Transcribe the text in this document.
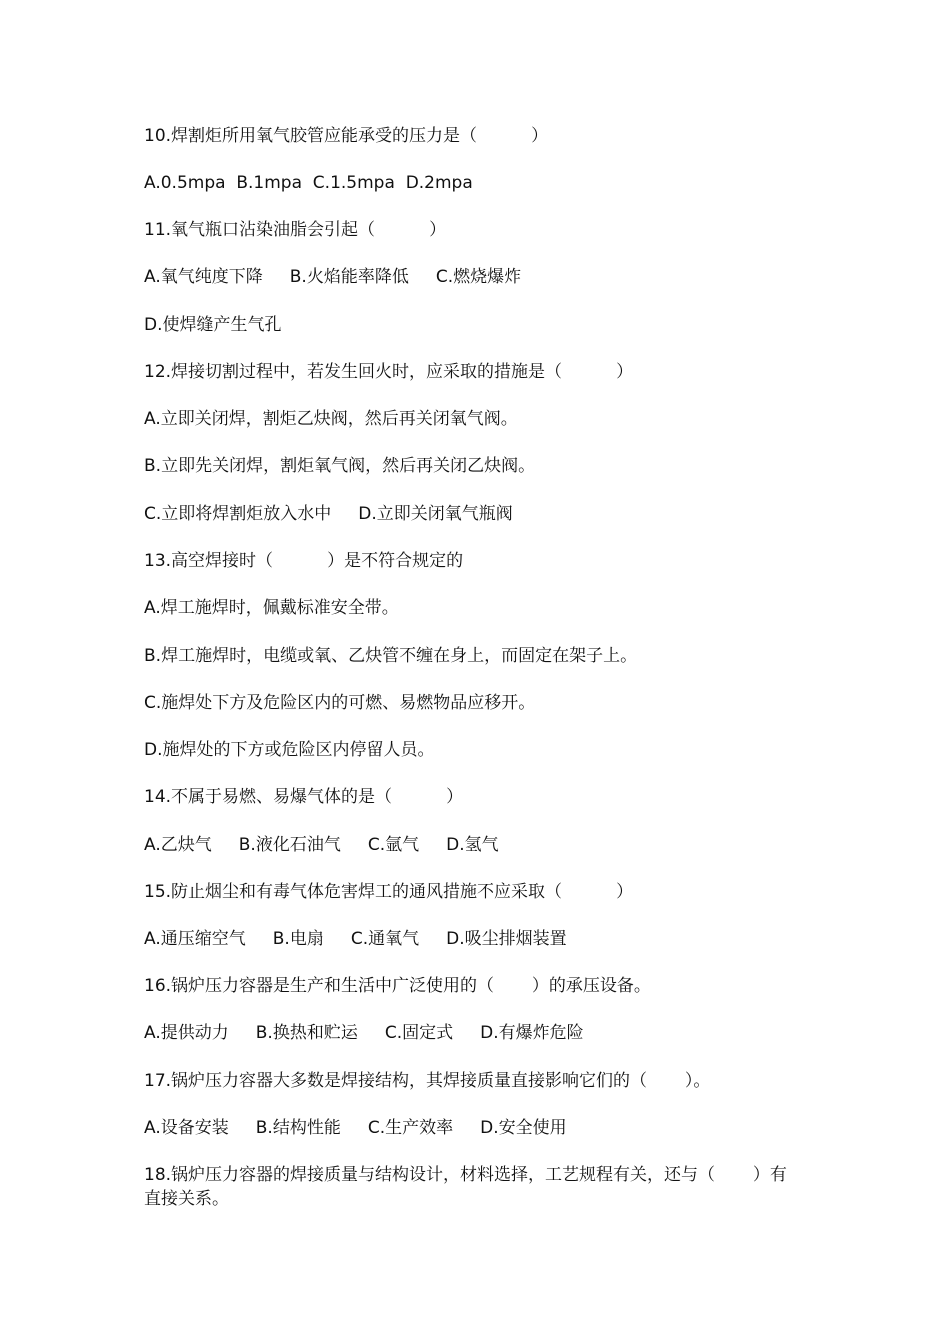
10.焊割炬所用氧气胶管应能承受的压力是（          ）
A.0.5mpa  B.1mpa  C.1.5mpa  D.2mpa
11.氧气瓶口沾染油脂会引起（          ）
A.氧气纯度下降     B.火焰能率降低     C.燃烧爆炸
D.使焊缝产生气孔
12.焊接切割过程中，若发生回火时，应采取的措施是（          ）
A.立即关闭焊，割炬乙炔阀，然后再关闭氧气阀。
B.立即先关闭焊，割炬氧气阀，然后再关闭乙炔阀。
C.立即将焊割炬放入水中     D.立即关闭氧气瓶阀
13.高空焊接时（          ）是不符合规定的
A.焊工施焊时，佩戴标准安全带。
B.焊工施焊时，电缆或氧、乙炔管不缠在身上，而固定在架子上。
C.施焊处下方及危险区内的可燃、易燃物品应移开。
D.施焊处的下方或危险区内停留人员。
14.不属于易燃、易爆气体的是（          ）
A.乙炔气     B.液化石油气     C.氩气     D.氢气
15.防止烟尘和有毒气体危害焊工的通风措施不应采取（          ）
A.通压缩空气     B.电扇     C.通氧气     D.吸尘排烟装置
16.锅炉压力容器是生产和生活中广泛使用的（       ）的承压设备。
A.提供动力     B.换热和贮运     C.固定式     D.有爆炸危险
17.锅炉压力容器大多数是焊接结构，其焊接质量直接影响它们的（       ）。
A.设备安装     B.结构性能     C.生产效率     D.安全使用
18.锅炉压力容器的焊接质量与结构设计，材料选择，工艺规程有关，还与（       ）有直接关系。
